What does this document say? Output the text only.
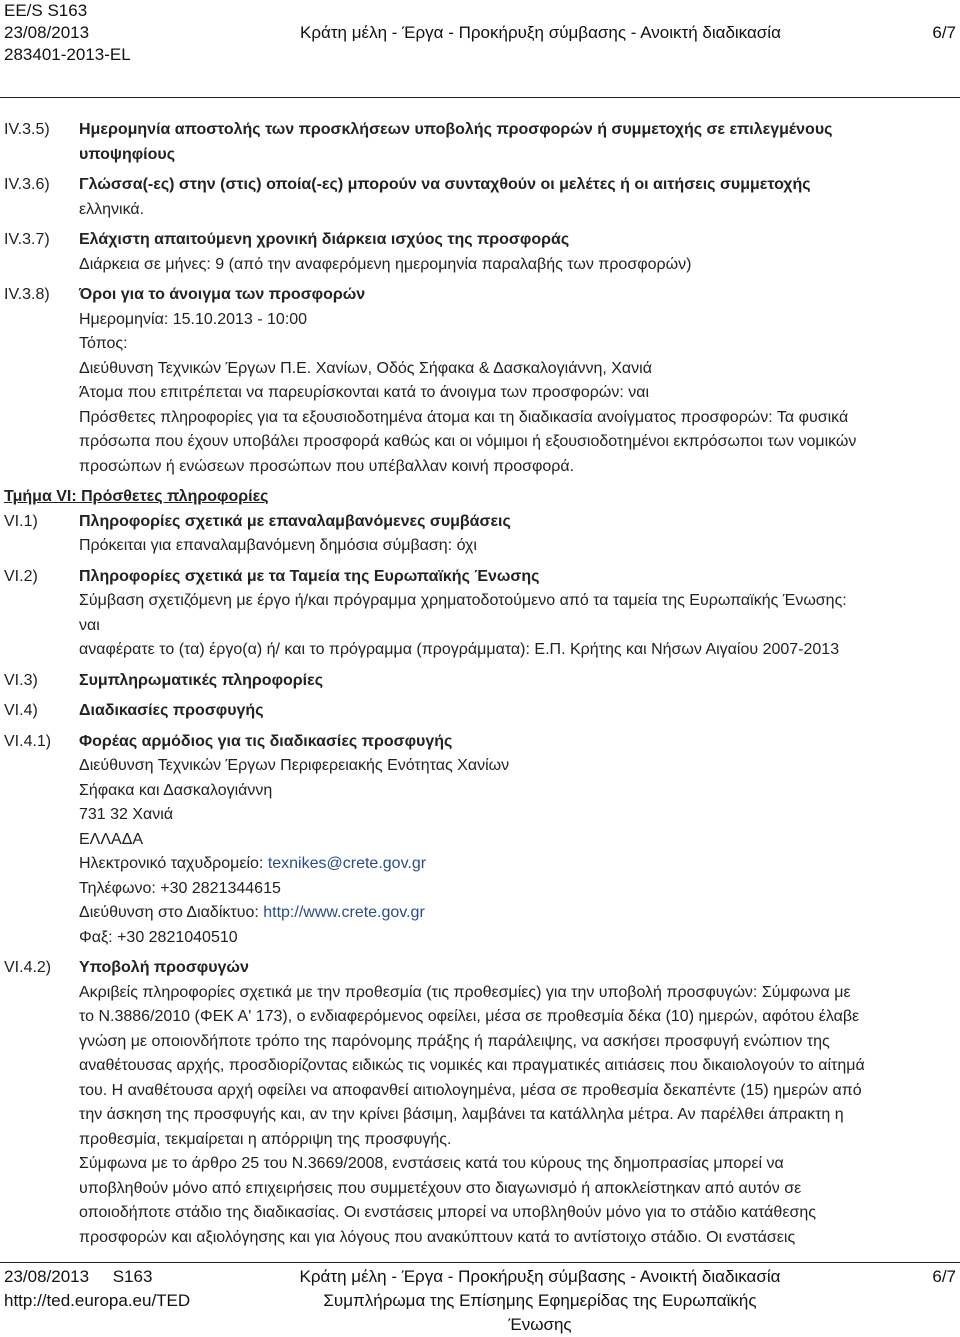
EE/S S163
23/08/2013
283401-2013-EL
Κράτη μέλη - Έργα - Προκήρυξη σύμβασης - Ανοικτή διαδικασία	6/7
IV.3.5)	Ημερομηνία αποστολής των προσκλήσεων υποβολής προσφορών ή συμμετοχής σε επιλεγμένους
υποψηφίους
IV.3.6)	Γλώσσα(-ες) στην (στις) οποία(-ες) μπορούν να συνταχθούν οι μελέτες ή οι αιτήσεις συμμετοχής
ελληνικά.
IV.3.7)	Ελάχιστη απαιτούμενη χρονική διάρκεια ισχύος της προσφοράς
Διάρκεια σε μήνες: 9 (από την αναφερόμενη ημερομηνία παραλαβής των προσφορών)
IV.3.8)	Όροι για το άνοιγμα των προσφορών
Ημερομηνία: 15.10.2013 - 10:00
Τόπος:
Διεύθυνση Τεχνικών Έργων Π.Ε. Χανίων, Οδός Σήφακα & Δασκαλογιάννη, Χανιά
Άτομα που επιτρέπεται να παρευρίσκονται κατά το άνοιγμα των προσφορών: ναι
Πρόσθετες πληροφορίες για τα εξουσιοδοτημένα άτομα και τη διαδικασία ανοίγματος προσφορών: Τα φυσικά
πρόσωπα που έχουν υποβάλει προσφορά καθώς και οι νόμιμοι ή εξουσιοδοτημένοι εκπρόσωποι των νομικών
προσώπων ή ενώσεων προσώπων που υπέβαλλαν κοινή προσφορά.
Τμήμα VI: Πρόσθετες πληροφορίες
VI.1)	Πληροφορίες σχετικά με επαναλαμβανόμενες συμβάσεις
Πρόκειται για επαναλαμβανόμενη δημόσια σύμβαση: όχι
VI.2)	Πληροφορίες σχετικά με τα Ταμεία της Ευρωπαϊκής Ένωσης
Σύμβαση σχετιζόμενη με έργο ή/και πρόγραμμα χρηματοδοτούμενο από τα ταμεία της Ευρωπαϊκής Ένωσης:
ναι
αναφέρατε το (τα) έργο(α) ή/ και το πρόγραμμα (προγράμματα): Ε.Π. Κρήτης και Νήσων Αιγαίου 2007-2013
VI.3)	Συμπληρωματικές πληροφορίες
VI.4)	Διαδικασίες προσφυγής
VI.4.1)	Φορέας αρμόδιος για τις διαδικασίες προσφυγής
Διεύθυνση Τεχνικών Έργων Περιφερειακής Ενότητας Χανίων
Σήφακα και Δασκαλογιάννη
731 32 Χανιά
ΕΛΛΑΔΑ
Ηλεκτρονικό ταχυδρομείο: texnikes@crete.gov.gr
Τηλέφωνο: +30 2821344615
Διεύθυνση στο Διαδίκτυο: http://www.crete.gov.gr
Φαξ: +30 2821040510
VI.4.2)	Υποβολή προσφυγών
Ακριβείς πληροφορίες σχετικά με την προθεσμία (τις προθεσμίες) για την υποβολή προσφυγών: Σύμφωνα με
το Ν.3886/2010 (ΦΕΚ Α' 173), ο ενδιαφερόμενος οφείλει, μέσα σε προθεσμία δέκα (10) ημερών, αφότου έλαβε
γνώση με οποιονδήποτε τρόπο της παρόνομης πράξης ή παράλειψης, να ασκήσει προσφυγή ενώπιον της
αναθέτουσας αρχής, προσδιορίζοντας ειδικώς τις νομικές και πραγματικές αιτιάσεις που δικαιολογούν το αίτημά
του. Η αναθέτουσα αρχή οφείλει να αποφανθεί αιτιολογημένα, μέσα σε προθεσμία δεκαπέντε (15) ημερών από
την άσκηση της προσφυγής και, αν την κρίνει βάσιμη, λαμβάνει τα κατάλληλα μέτρα. Αν παρέλθει άπρακτη η
προθεσμία, τεκμαίρεται η απόρριψη της προσφυγής.
Σύμφωνα με το άρθρο 25 του Ν.3669/2008, ενστάσεις κατά του κύρους της δημοπρασίας μπορεί να
υποβληθούν μόνο από επιχειρήσεις που συμμετέχουν στο διαγωνισμό ή αποκλείστηκαν από αυτόν σε
οποιοδήποτε στάδιο της διαδικασίας. Οι ενστάσεις μπορεί να υποβληθούν μόνο για το στάδιο κατάθεσης
προσφορών και αξιολόγησης και για λόγους που ανακύπτουν κατά το αντίστοιχο στάδιο. Οι ενστάσεις
23/08/2013 S163
http://ted.europa.eu/TED
Κράτη μέλη - Έργα - Προκήρυξη σύμβασης - Ανοικτή διαδικασία
Συμπλήρωμα της Επίσημης Εφημερίδας της Ευρωπαϊκής Ένωσης
6/7
